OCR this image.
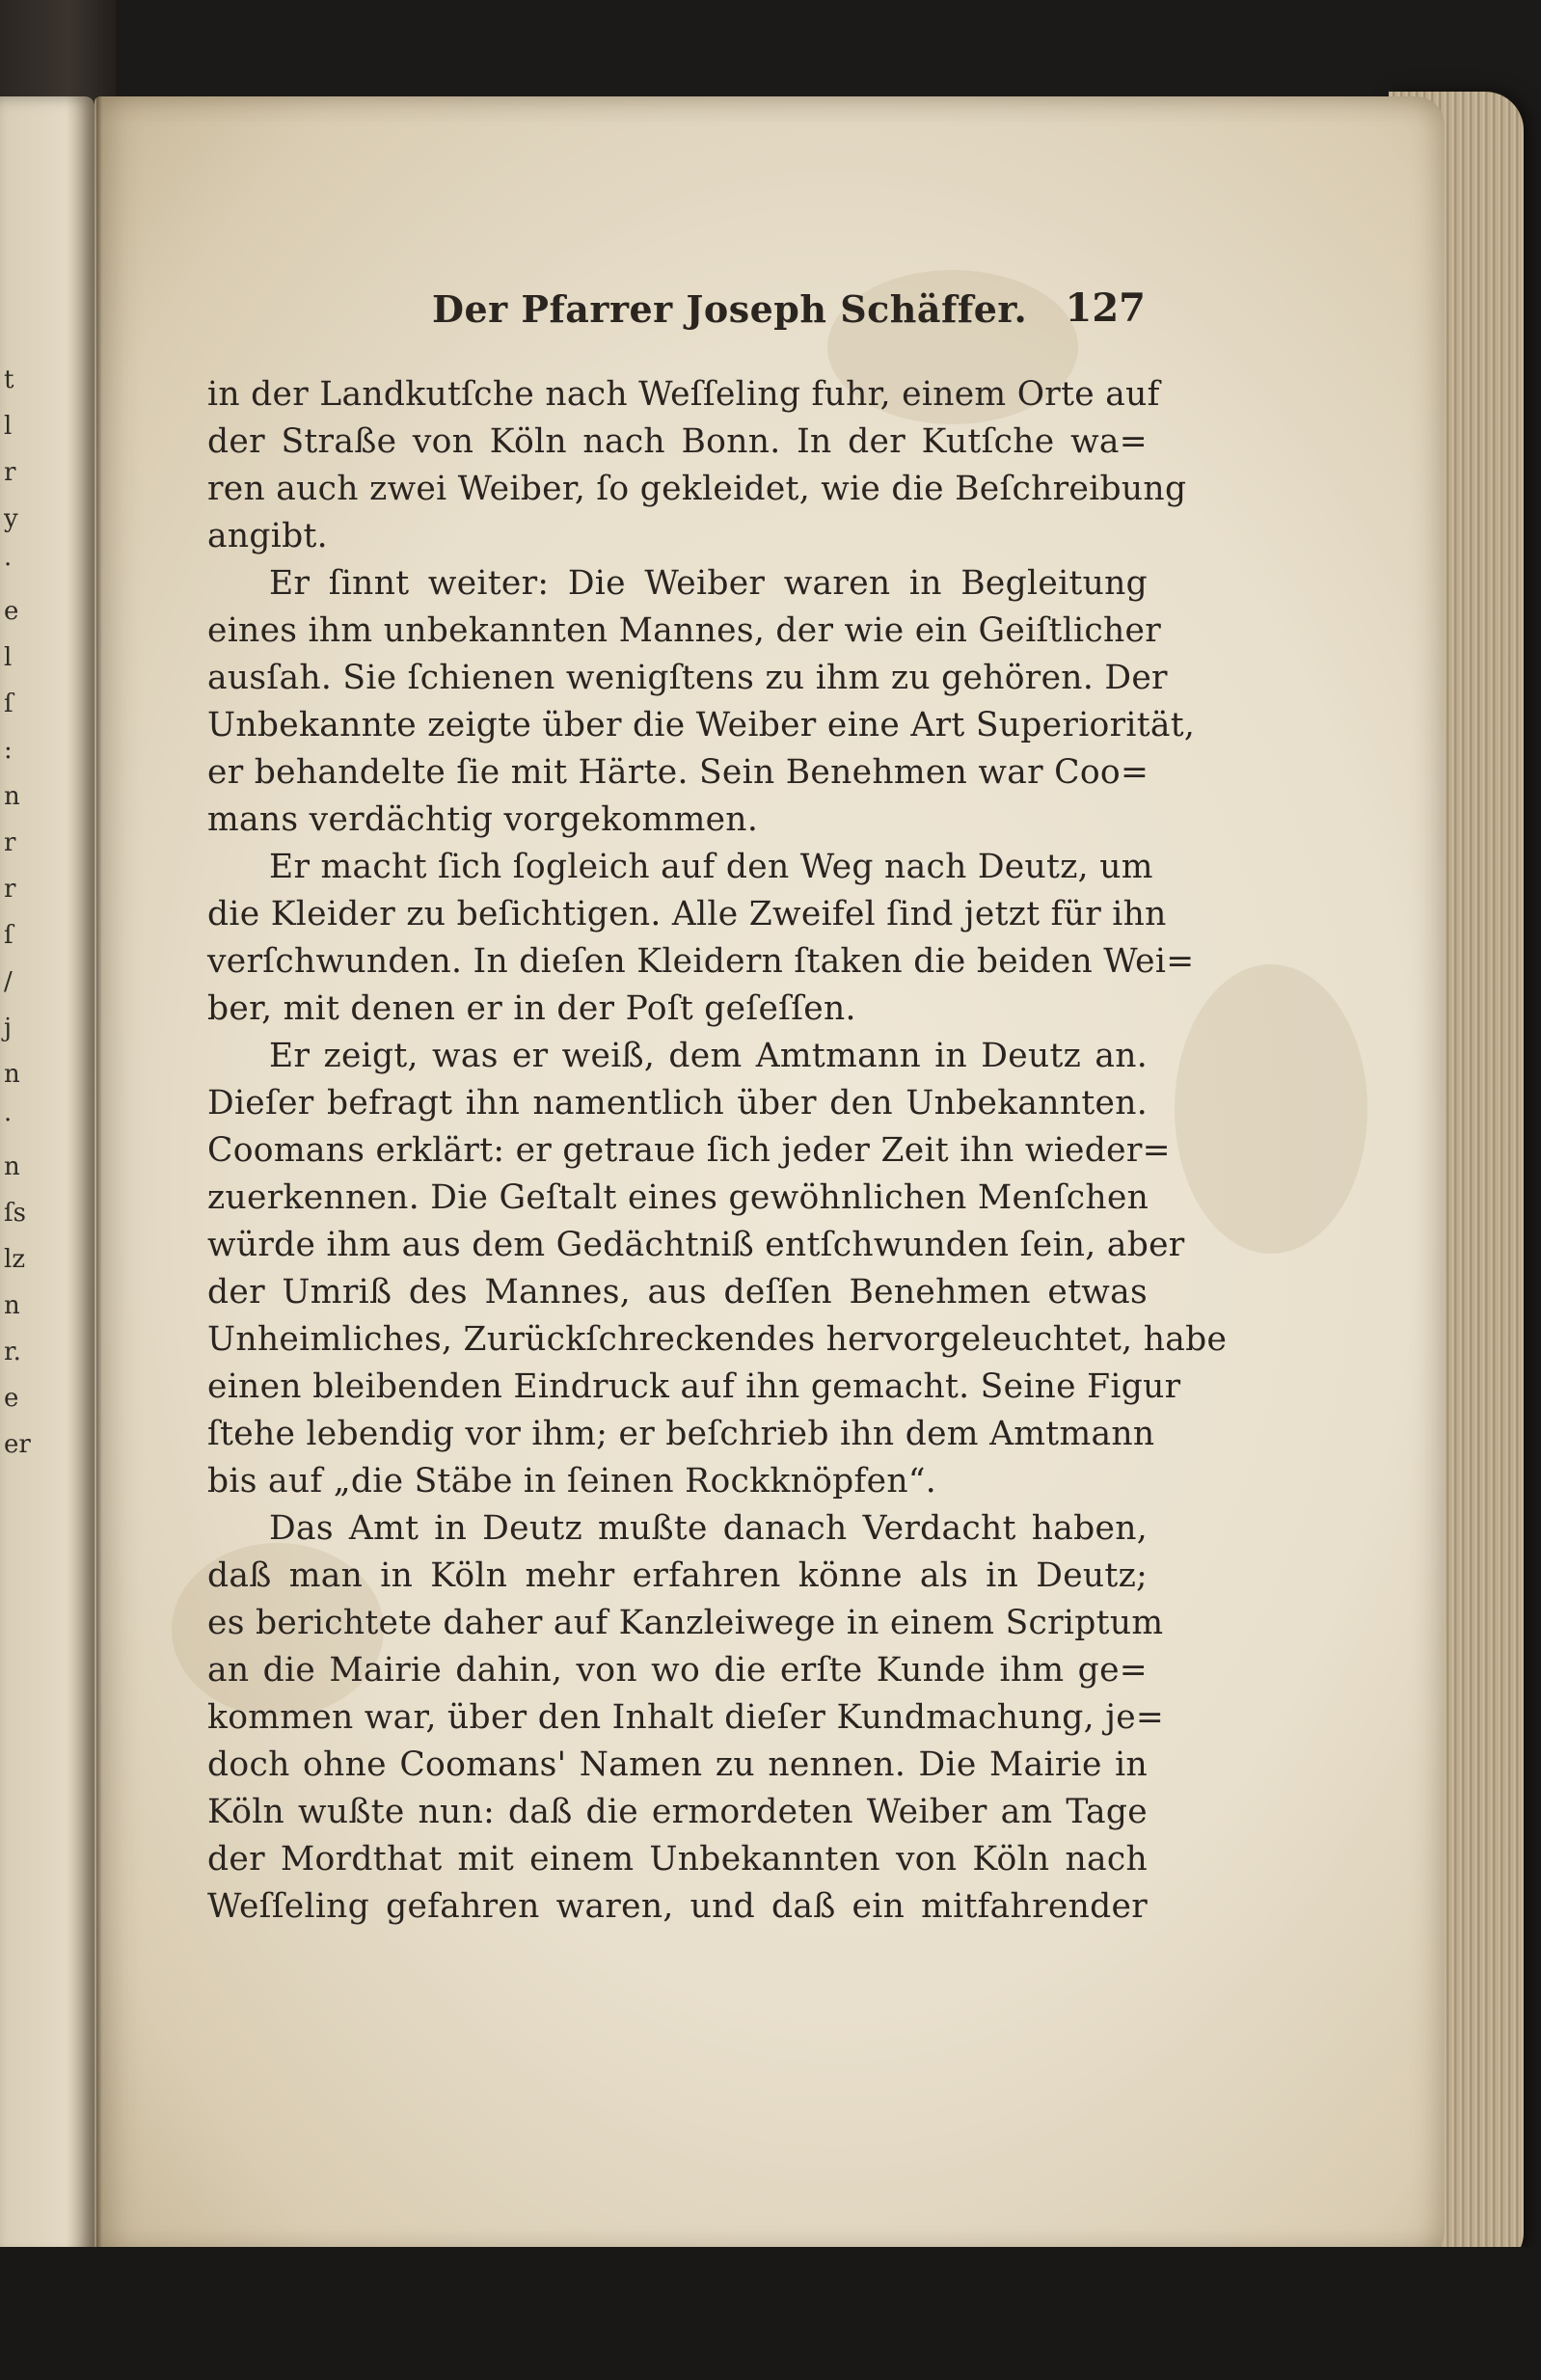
t
l
r
y
·
e
l
ſ
:
n
r
r
ſ
/
j
n
·
n
ſs
lz
n
r.
e
er
Der Pfarrer Joseph Schäffer. 127
in der Landkutſche nach Weſſeling fuhr, einem Orte auf
der Straße von Köln nach Bonn. In der Kutſche wa=
ren auch zwei Weiber, ſo gekleidet, wie die Beſchreibung
angibt.
Er ſinnt weiter: Die Weiber waren in Begleitung
eines ihm unbekannten Mannes, der wie ein Geiſtlicher
ausſah. Sie ſchienen wenigſtens zu ihm zu gehören. Der
Unbekannte zeigte über die Weiber eine Art Superiorität,
er behandelte ſie mit Härte. Sein Benehmen war Coo=
mans verdächtig vorgekommen.
Er macht ſich ſogleich auf den Weg nach Deutz, um
die Kleider zu beſichtigen. Alle Zweifel ſind jetzt für ihn
verſchwunden. In dieſen Kleidern ſtaken die beiden Wei=
ber, mit denen er in der Poſt geſeſſen.
Er zeigt, was er weiß, dem Amtmann in Deutz an.
Dieſer befragt ihn namentlich über den Unbekannten.
Coomans erklärt: er getraue ſich jeder Zeit ihn wieder=
zuerkennen. Die Geſtalt eines gewöhnlichen Menſchen
würde ihm aus dem Gedächtniß entſchwunden ſein, aber
der Umriß des Mannes, aus deſſen Benehmen etwas
Unheimliches, Zurückſchreckendes hervorgeleuchtet, habe
einen bleibenden Eindruck auf ihn gemacht. Seine Figur
ſtehe lebendig vor ihm; er beſchrieb ihn dem Amtmann
bis auf „die Stäbe in ſeinen Rockknöpfen“.
Das Amt in Deutz mußte danach Verdacht haben,
daß man in Köln mehr erfahren könne als in Deutz;
es berichtete daher auf Kanzleiwege in einem Scriptum
an die Mairie dahin, von wo die erſte Kunde ihm ge=
kommen war, über den Inhalt dieſer Kundmachung, je=
doch ohne Coomans' Namen zu nennen. Die Mairie in
Köln wußte nun: daß die ermordeten Weiber am Tage
der Mordthat mit einem Unbekannten von Köln nach
Weſſeling gefahren waren, und daß ein mitfahrender
